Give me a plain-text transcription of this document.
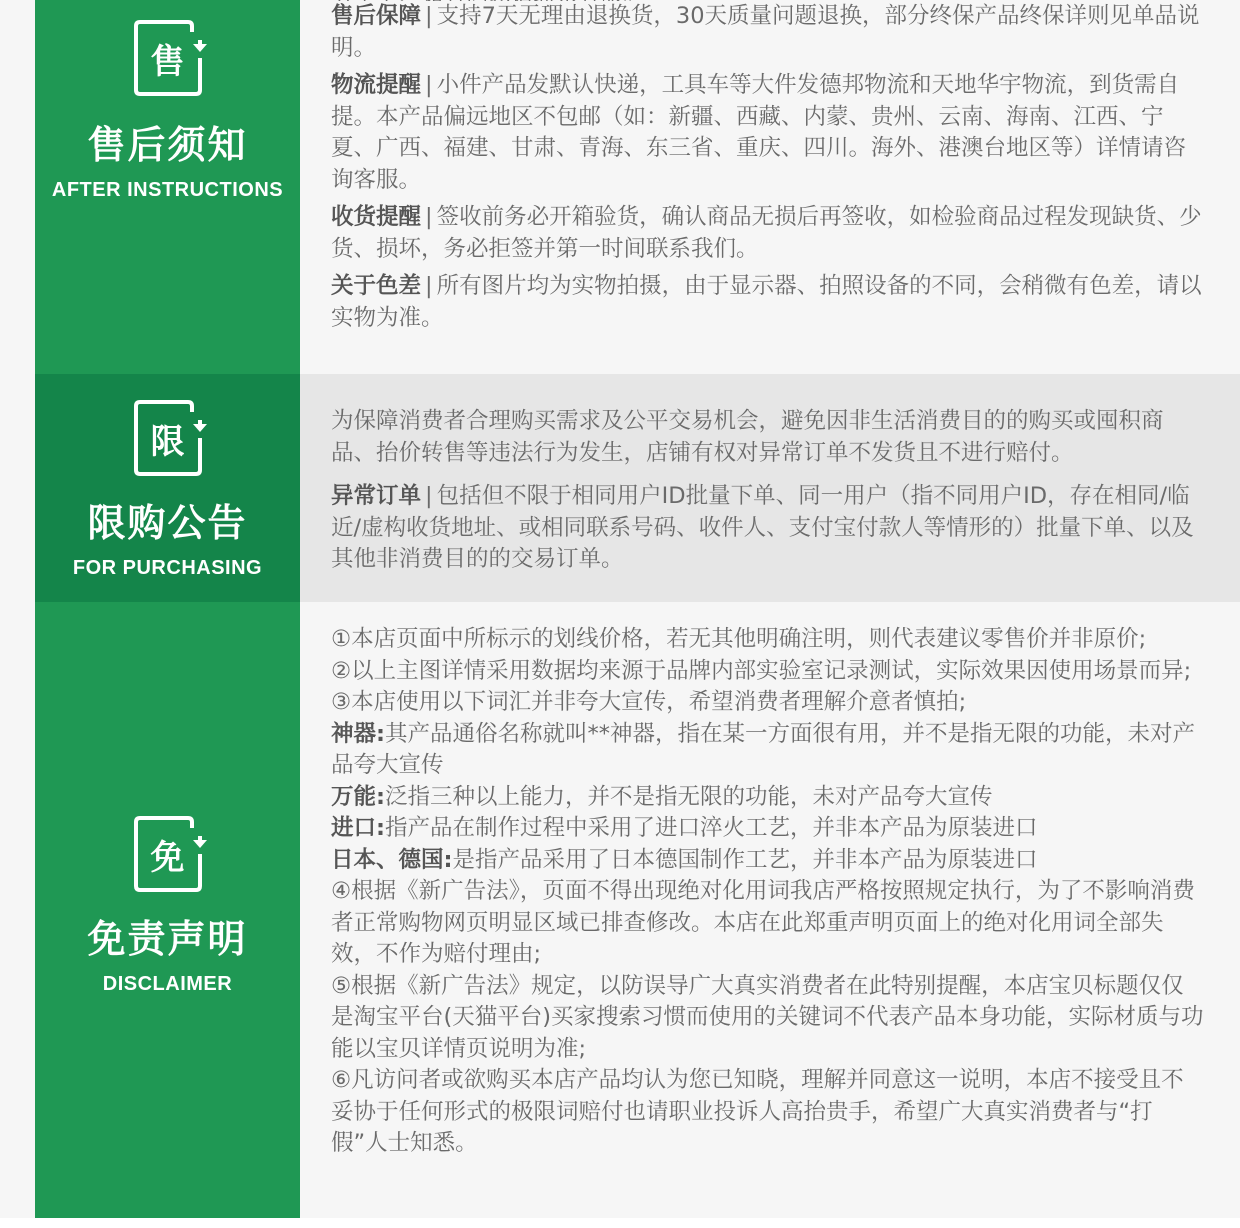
售
售后须知
AFTER INSTRUCTIONS

售后保障 | 支持7天无理由退换货，30天质量问题退换，部分终保产品终保详则见单品说明。

物流提醒 | 小件产品发默认快递，工具车等大件发德邦物流和天地华宇物流，到货需自提。本产品偏远地区不包邮（如：新疆、西藏、内蒙、贵州、云南、海南、江西、宁夏、广西、福建、甘肃、青海、东三省、重庆、四川。海外、港澳台地区等）详情请咨询客服。

收货提醒 | 签收前务必开箱验货，确认商品无损后再签收，如检验商品过程发现缺货、少货、损坏，务必拒签并第一时间联系我们。

关于色差 | 所有图片均为实物拍摄，由于显示器、拍照设备的不同，会稍微有色差，请以实物为准。

限
限购公告
FOR PURCHASING

为保障消费者合理购买需求及公平交易机会，避免因非生活消费目的的购买或囤积商品、抬价转售等违法行为发生，店铺有权对异常订单不发货且不进行赔付。

异常订单 | 包括但不限于相同用户ID批量下单、同一用户（指不同用户ID，存在相同/临近/虚构收货地址、或相同联系号码、收件人、支付宝付款人等情形的）批量下单、以及其他非消费目的的交易订单。

免
免责声明
DISCLAIMER

①本店页面中所标示的划线价格，若无其他明确注明，则代表建议零售价并非原价;

②以上主图详情采用数据均来源于品牌内部实验室记录测试，实际效果因使用场景而异;

③本店使用以下词汇并非夸大宣传，希望消费者理解介意者慎拍;

神器:其产品通俗名称就叫**神器，指在某一方面很有用，并不是指无限的功能，未对产品夸大宣传

万能:泛指三种以上能力，并不是指无限的功能，未对产品夸大宣传

进口:指产品在制作过程中采用了进口淬火工艺，并非本产品为原装进口

日本、德国:是指产品采用了日本德国制作工艺，并非本产品为原装进口

④根据《新广告法》，页面不得出现绝对化用词我店严格按照规定执行，为了不影响消费者正常购物网页明显区域已排查修改。本店在此郑重声明页面上的绝对化用词全部失效，不作为赔付理由;

⑤根据《新广告法》规定，以防误导广大真实消费者在此特别提醒，本店宝贝标题仅仅是淘宝平台(天猫平台)买家搜索习惯而使用的关键词不代表产品本身功能，实际材质与功能以宝贝详情页说明为准;

⑥凡访问者或欲购买本店产品均认为您已知晓，理解并同意这一说明，本店不接受且不妥协于任何形式的极限词赔付也请职业投诉人高抬贵手，希望广大真实消费者与“打假”人士知悉。
